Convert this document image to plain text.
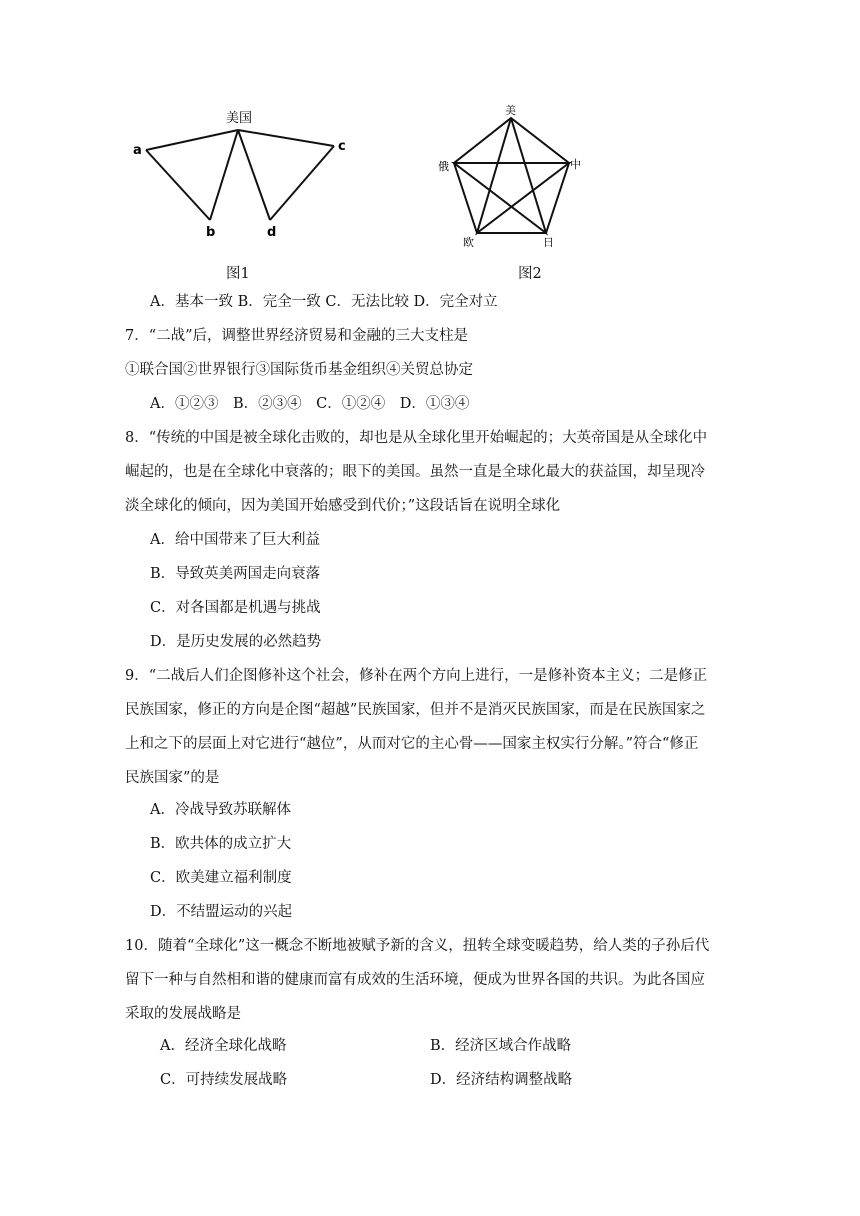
美国
a
b
c
d
图1
美
中
俄
欧	日
图2
A．基本一致 B．完全一致 C．无法比较 D．完全对立
7．“二战”后，调整世界经济贸易和金融的三大支柱是
①联合国②世界银行③国际货币基金组织④关贸总协定
A．①②③　B．②③④　C．①②④　D．①③④
8．“传统的中国是被全球化击败的，却也是从全球化里开始崛起的；大英帝国是从全球化中
崛起的，也是在全球化中衰落的；眼下的美国。虽然一直是全球化最大的获益国，却呈现冷
淡全球化的倾向，因为美国开始感受到代价；”这段话旨在说明全球化
A．给中国带来了巨大利益
B．导致英美两国走向衰落
C．对各国都是机遇与挑战
D．是历史发展的必然趋势
9．“二战后人们企图修补这个社会，修补在两个方向上进行，一是修补资本主义；二是修正
民族国家，修正的方向是企图“超越”民族国家，但并不是消灭民族国家，而是在民族国家之
上和之下的层面上对它进行“越位”，从而对它的主心骨——国家主权实行分解。”符合“修正
民族国家”的是
A．冷战导致苏联解体
B．欧共体的成立扩大
C．欧美建立福利制度
D．不结盟运动的兴起
10．随着“全球化”这一概念不断地被赋予新的含义，扭转全球变暖趋势，给人类的子孙后代
留下一种与自然相和谐的健康而富有成效的生活环境，便成为世界各国的共识。为此各国应
采取的发展战略是
A．经济全球化战略	B．经济区域合作战略
C．可持续发展战略	D．经济结构调整战略
